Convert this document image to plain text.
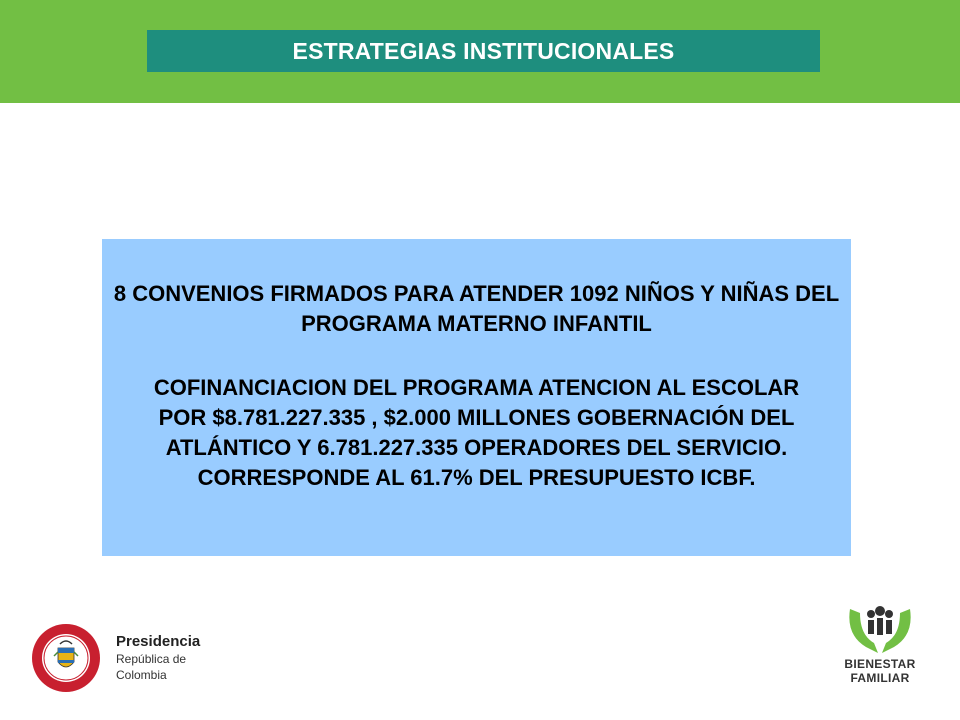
ESTRATEGIAS INSTITUCIONALES

8 CONVENIOS FIRMADOS PARA ATENDER 1092 NIÑOS Y NIÑAS DEL PROGRAMA MATERNO INFANTIL

COFINANCIACION DEL PROGRAMA ATENCION AL ESCOLAR POR $8.781.227.335 , $2.000 MILLONES GOBERNACIÓN DEL ATLÁNTICO Y 6.781.227.335 OPERADORES DEL SERVICIO.
CORRESPONDE AL 61.7% DEL PRESUPUESTO ICBF.

Presidencia
República de Colombia
BIENESTAR
FAMILIAR
